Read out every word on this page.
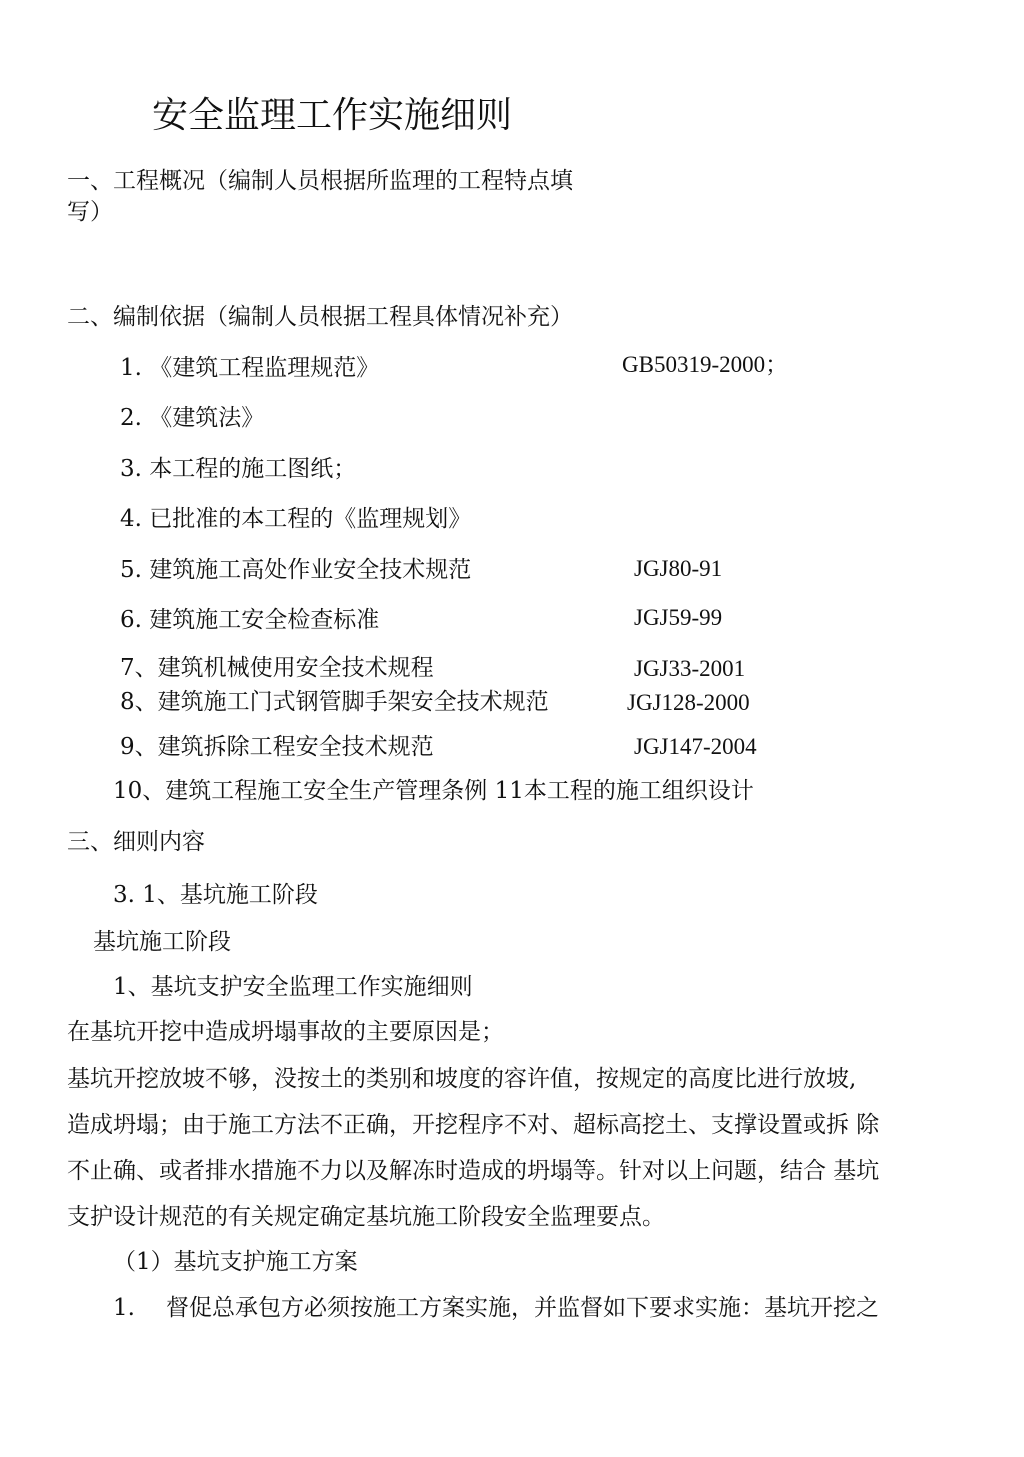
安全监理工作实施细则
一、工程概况（编制人员根据所监理的工程特点填
写）
二、编制依据（编制人员根据工程具体情况补充）
1. 《建筑工程监理规范》	GB50319-2000；
2. 《建筑法》
3. 本工程的施工图纸；
4. 已批准的本工程的《监理规划》
5. 建筑施工高处作业安全技术规范	JGJ80-91
6. 建筑施工安全检查标准	JGJ59-99
7、建筑机械使用安全技术规程	JGJ33-2001
8、建筑施工门式钢管脚手架安全技术规范	JGJ128-2000
9、建筑拆除工程安全技术规范	JGJ147-2004
10、建筑工程施工安全生产管理条例 11本工程的施工组织设计
三、细则内容
3. 1、基坑施工阶段
基坑施工阶段
1、基坑支护安全监理工作实施细则
在基坑开挖中造成坍塌事故的主要原因是；
基坑开挖放坡不够，没按土的类别和坡度的容许值，按规定的高度比进行放坡,
造成坍塌；由于施工方法不正确，开挖程序不对、超标高挖土、支撑设置或拆 除
不止确、或者排水措施不力以及解冻时造成的坍塌等。针对以上问题，结合 基坑
支护设计规范的有关规定确定基坑施工阶段安全监理要点。
（1）基坑支护施工方案
1. 督促总承包方必须按施工方案实施，并监督如下要求实施：基坑开挖之
